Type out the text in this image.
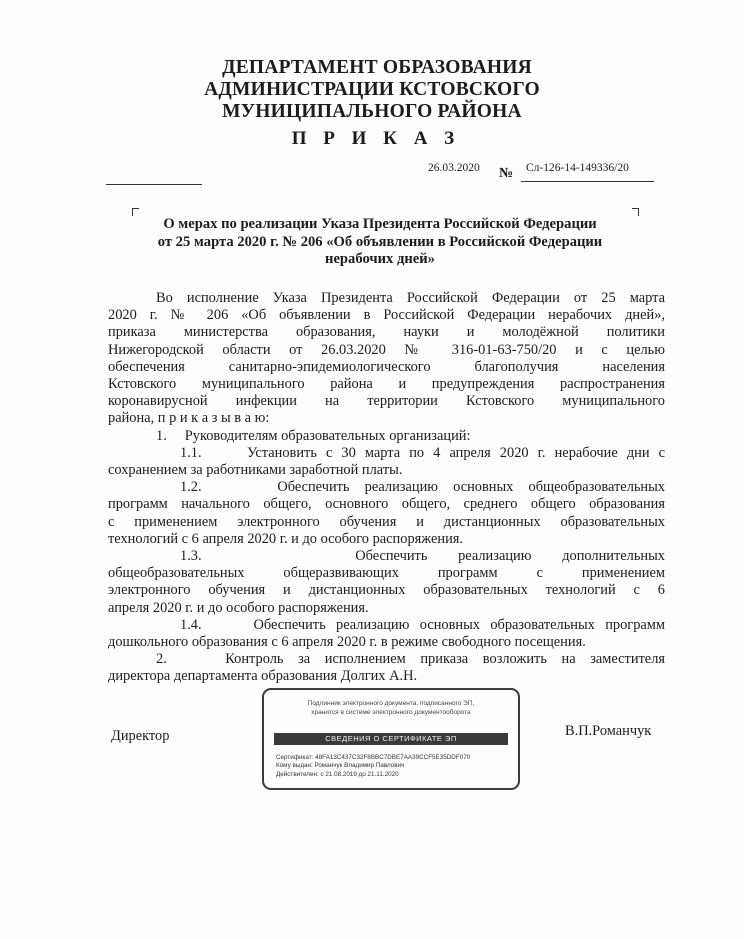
ДЕПАРТАМЕНТ ОБРАЗОВАНИЯ
АДМИНИСТРАЦИИ КСТОВСКОГО
МУНИЦИПАЛЬНОГО РАЙОНА
П Р И К А З
26.03.2020 № Сл-126-14-149336/20
О мерах по реализации Указа Президента Российской Федерации
от 25 марта 2020 г. № 206 «Об объявлении в Российской Федерации
нерабочих дней»

Во исполнение Указа Президента Российской Федерации от 25 марта

2020 г. № 206 «Об объявлении в Российской Федерации нерабочих дней»,

приказа министерства образования, науки и молодёжной политики

Нижегородской области от 26.03.2020 № 316-01-63-750/20 и с целью

обеспечения санитарно-эпидемиологического благополучия населения

Кстовского муниципального района и предупреждения распространения

коронавирусной инфекции на территории Кстовского муниципального

района, п р и к а з ы в а ю:

1.     Руководителям образовательных организаций:

1.1.     Установить с 30 марта по 4 апреля 2020 г. нерабочие дни с

сохранением за работниками заработной платы.

1.2.     Обеспечить реализацию основных общеобразовательных

программ начального общего, основного общего, среднего общего образования

с применением электронного обучения и дистанционных образовательных

технологий с 6 апреля 2020 г. и до особого распоряжения.

1.3.     Обеспечить реализацию дополнительных

общеобразовательных общеразвивающих программ с применением

электронного обучения и дистанционных образовательных технологий с 6

апреля 2020 г. и до особого распоряжения.

1.4.     Обеспечить реализацию основных образовательных программ

дошкольного образования с 6 апреля 2020 г. в режиме свободного посещения.

2.    Контроль за исполнением приказа возложить на заместителя

директора департамента образования Долгих А.Н.

Директор	В.П.Романчук
Подлинник электронного документа, подписанного ЭП,
хранится в системе электронного документооборота
СВЕДЕНИЯ О СЕРТИФИКАТЕ ЭП
Сертификат: 48FA13C437C32F8BBC7DBE7AA39CCF5E35DDF070
Кому выдан: Романчук Владимир Павлович
Действителен: с 21.08.2019 до 21.11.2020
